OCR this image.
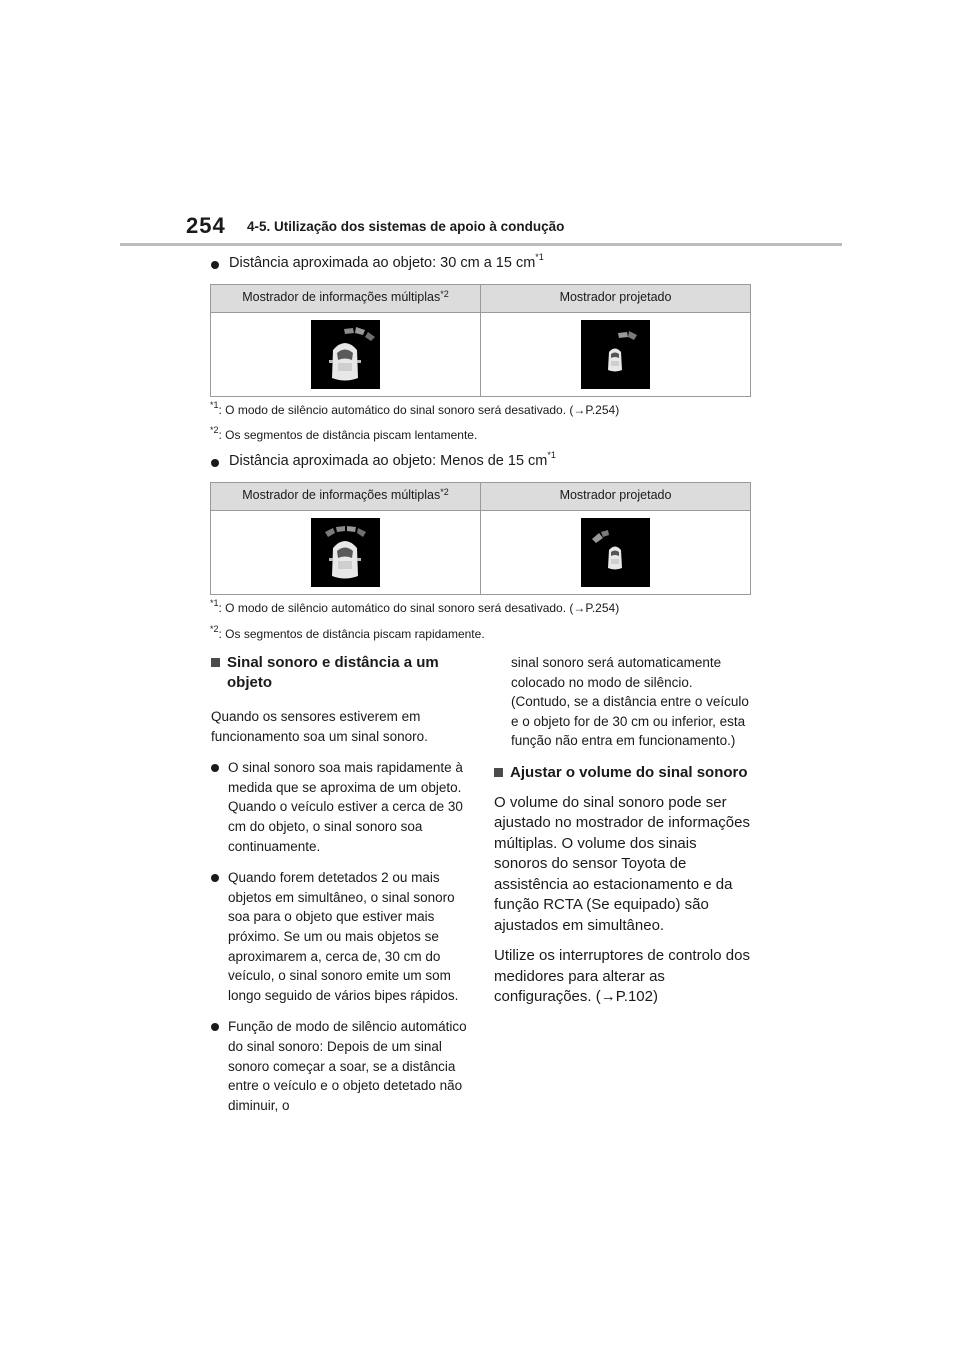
254 4-5. Utilização dos sistemas de apoio à condução
Distância aproximada ao objeto: 30 cm a 15 $cm^{*1}$
Mostrador de informações múltiplas$^{*2}$	Mostrador projetado
$^{*1}$: O modo de silêncio automático do sinal sonoro será desativado. (→P.254)
$^{*2}$: Os segmentos de distância piscam lentamente.
Distância aproximada ao objeto: Menos de 15 $cm^{*1}$
Mostrador de informações múltiplas$^{*2}$	Mostrador projetado
$^{*1}$: O modo de silêncio automático do sinal sonoro será desativado. (→P.254)
$^{*2}$: Os segmentos de distância piscam rapidamente.
Sinal sonoro e distância a um objeto
Quando os sensores estiverem em funcionamento soa um sinal sonoro.
O sinal sonoro soa mais rapidamente à medida que se aproxima de um objeto. Quando o veículo estiver a cerca de 30 cm do objeto, o sinal sonoro soa continuamente.
Quando forem detetados 2 ou mais objetos em simultâneo, o sinal sonoro soa para o objeto que estiver mais próximo. Se um ou mais objetos se aproximarem a, cerca de, 30 cm do veículo, o sinal sonoro emite um som longo seguido de vários bipes rápidos.
Função de modo de silêncio automático do sinal sonoro: Depois de um sinal sonoro começar a soar, se a distância entre o veículo e o objeto detetado não diminuir, o
sinal sonoro será automaticamente colocado no modo de silêncio. (Contudo, se a distância entre o veículo e o objeto for de 30 cm ou inferior, esta função não entra em funcionamento.)
Ajustar o volume do sinal sonoro
O volume do sinal sonoro pode ser ajustado no mostrador de informações múltiplas. O volume dos sinais sonoros do sensor Toyota de assistência ao estacionamento e da função RCTA (Se equipado) são ajustados em simultâneo.
Utilize os interruptores de controlo dos medidores para alterar as configurações. (→P.102)
